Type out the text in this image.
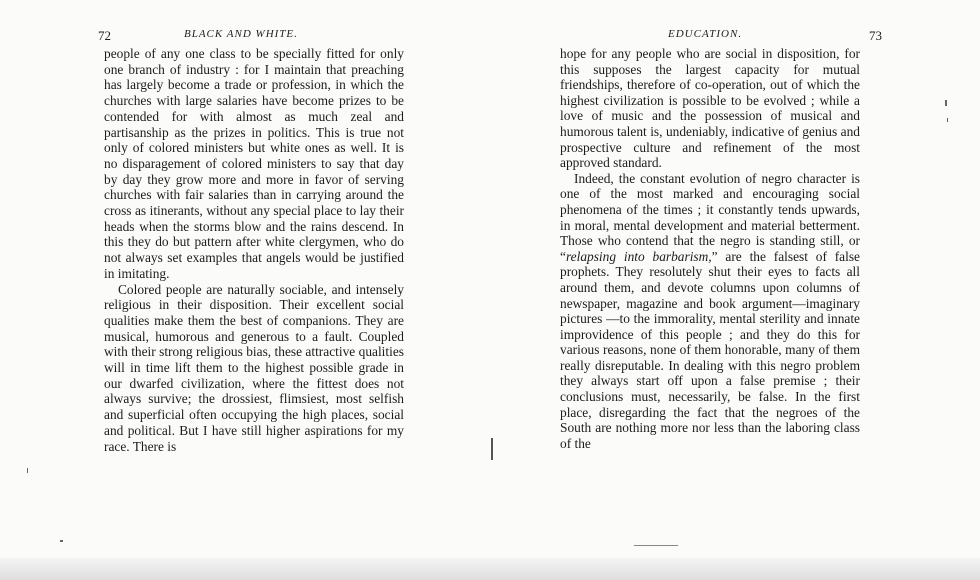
72	BLACK AND WHITE.

people of any one class to be specially fitted for only one branch of industry : for I maintain that preaching has largely become a trade or profession, in which the churches with large salaries have become prizes to be contended for with almost as much zeal and partisanship as the prizes in politics. This is true not only of colored ministers but white ones as well. It is no disparagement of colored ministers to say that day by day they grow more and more in favor of serving churches with fair salaries than in carrying around the cross as itinerants, without any special place to lay their heads when the storms blow and the rains descend. In this they do but pattern after white clergymen, who do not always set examples that angels would be justified in imitating.

Colored people are naturally sociable, and intensely religious in their disposition. Their excellent social qualities make them the best of companions. They are musical, humorous and generous to a fault. Coupled with their strong religious bias, these attractive qualities will in time lift them to the highest possible grade in our dwarfed civilization, where the fittest does not always survive; the drossiest, flimsiest, most selfish and superficial often occupying the high places, social and political. But I have still higher aspirations for my race. There is

EDUCATION.	73

hope for any people who are social in disposition, for this supposes the largest capacity for mutual friendships, therefore of co-operation, out of which the highest civilization is possible to be evolved ; while a love of music and the possession of musical and humorous talent is, undeniably, indicative of genius and prospective culture and refinement of the most approved standard.

Indeed, the constant evolution of negro character is one of the most marked and encouraging social phenomena of the times ; it constantly tends upwards, in moral, mental development and material betterment. Those who contend that the negro is standing still, or “relapsing into barbarism,” are the falsest of false prophets. They resolutely shut their eyes to facts all around them, and devote columns upon columns of newspaper, magazine and book argument—imaginary pictures —to the immorality, mental sterility and innate improvidence of this people ; and they do this for various reasons, none of them honorable, many of them really disreputable. In dealing with this negro problem they always start off upon a false premise ; their conclusions must, necessarily, be false. In the first place, disregarding the fact that the negroes of the South are nothing more nor less than the laboring class of the
